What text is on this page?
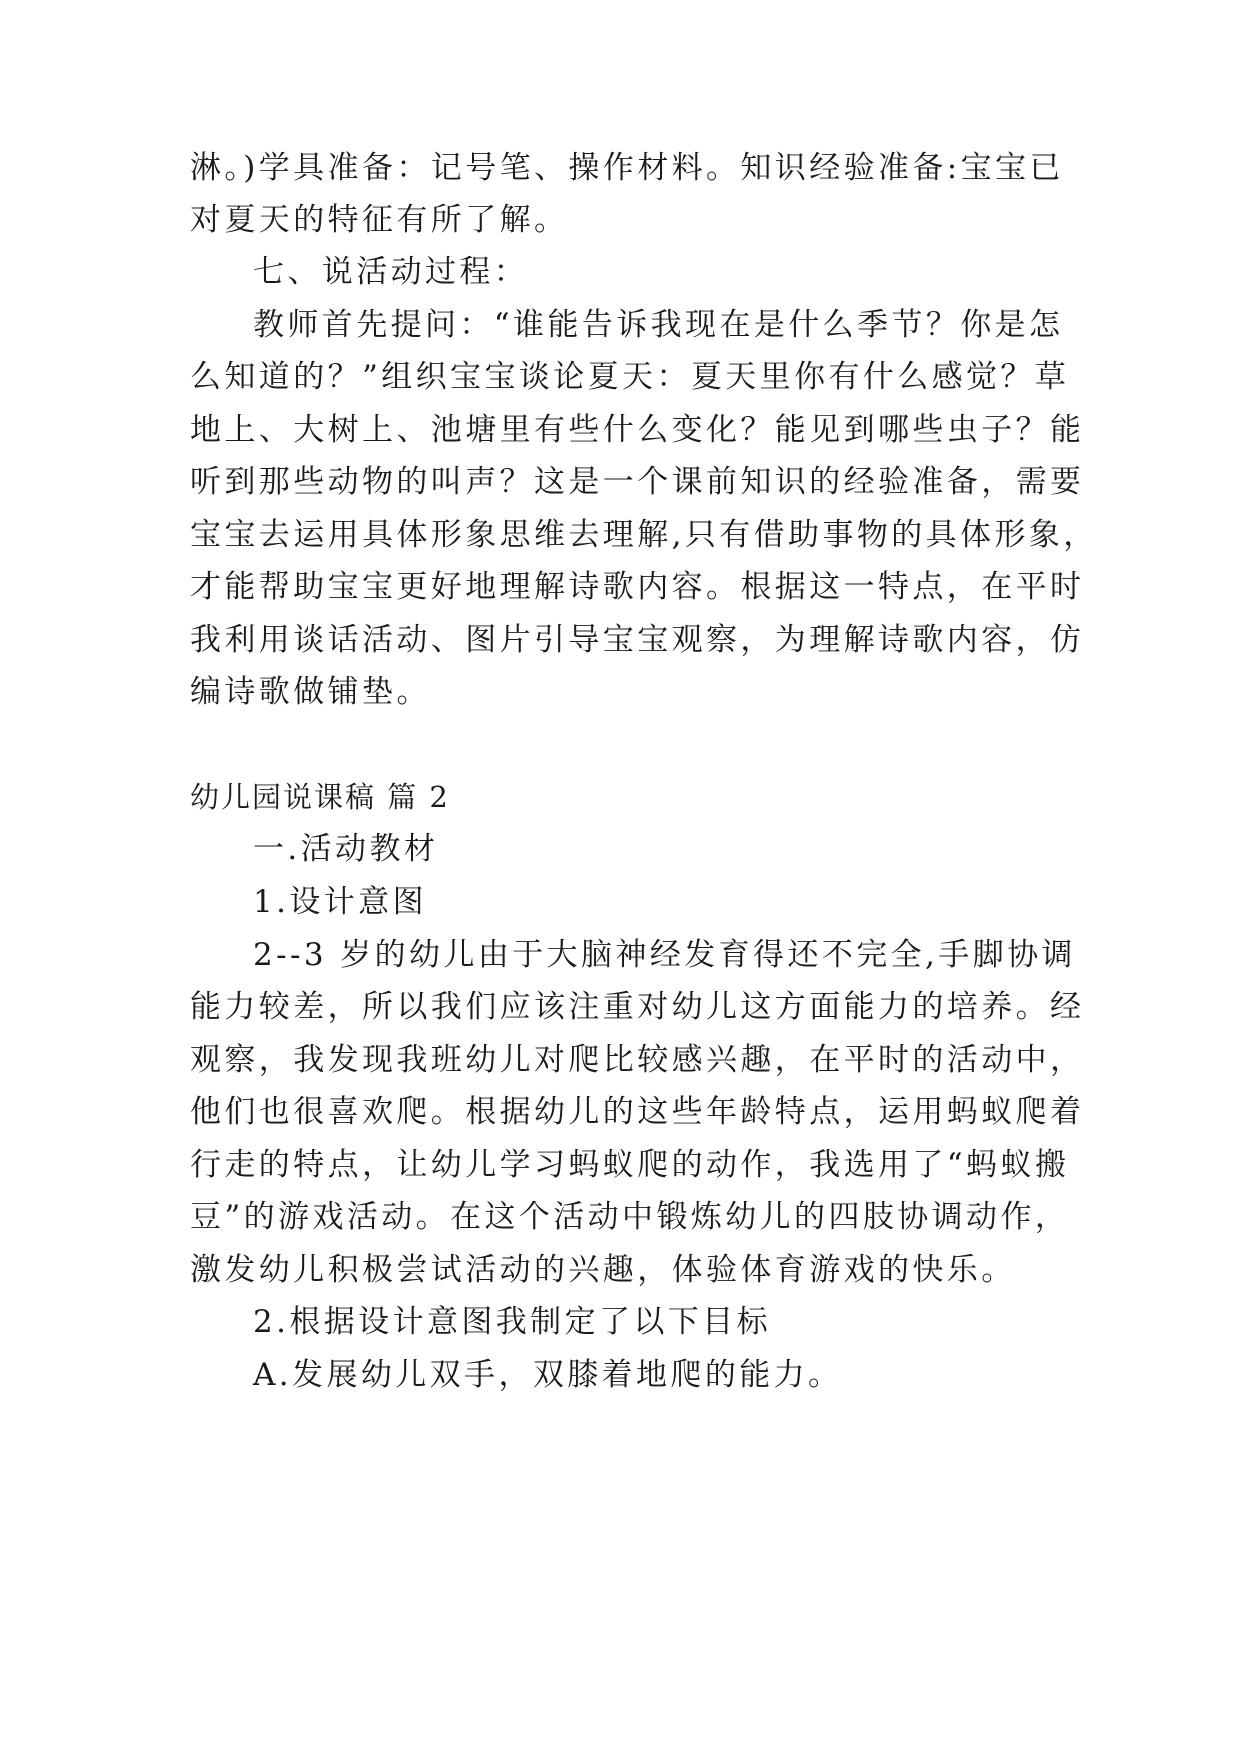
淋。)学具准备：记号笔、操作材料。知识经验准备:宝宝已
对夏天的特征有所了解。
七、说活动过程：
教师首先提问：“谁能告诉我现在是什么季节？你是怎
么知道的？”组织宝宝谈论夏天：夏天里你有什么感觉？草
地上、大树上、池塘里有些什么变化？能见到哪些虫子？能
听到那些动物的叫声？这是一个课前知识的经验准备，需要
宝宝去运用具体形象思维去理解,只有借助事物的具体形象，
才能帮助宝宝更好地理解诗歌内容。根据这一特点，在平时
我利用谈话活动、图片引导宝宝观察，为理解诗歌内容，仿
编诗歌做铺垫。
幼儿园说课稿 篇 2
一.活动教材
1.设计意图
2--3 岁的幼儿由于大脑神经发育得还不完全,手脚协调
能力较差，所以我们应该注重对幼儿这方面能力的培养。经
观察，我发现我班幼儿对爬比较感兴趣，在平时的活动中，
他们也很喜欢爬。根据幼儿的这些年龄特点，运用蚂蚁爬着
行走的特点，让幼儿学习蚂蚁爬的动作，我选用了“蚂蚁搬
豆”的游戏活动。在这个活动中锻炼幼儿的四肢协调动作，
激发幼儿积极尝试活动的兴趣，体验体育游戏的快乐。
2.根据设计意图我制定了以下目标
A.发展幼儿双手，双膝着地爬的能力。
